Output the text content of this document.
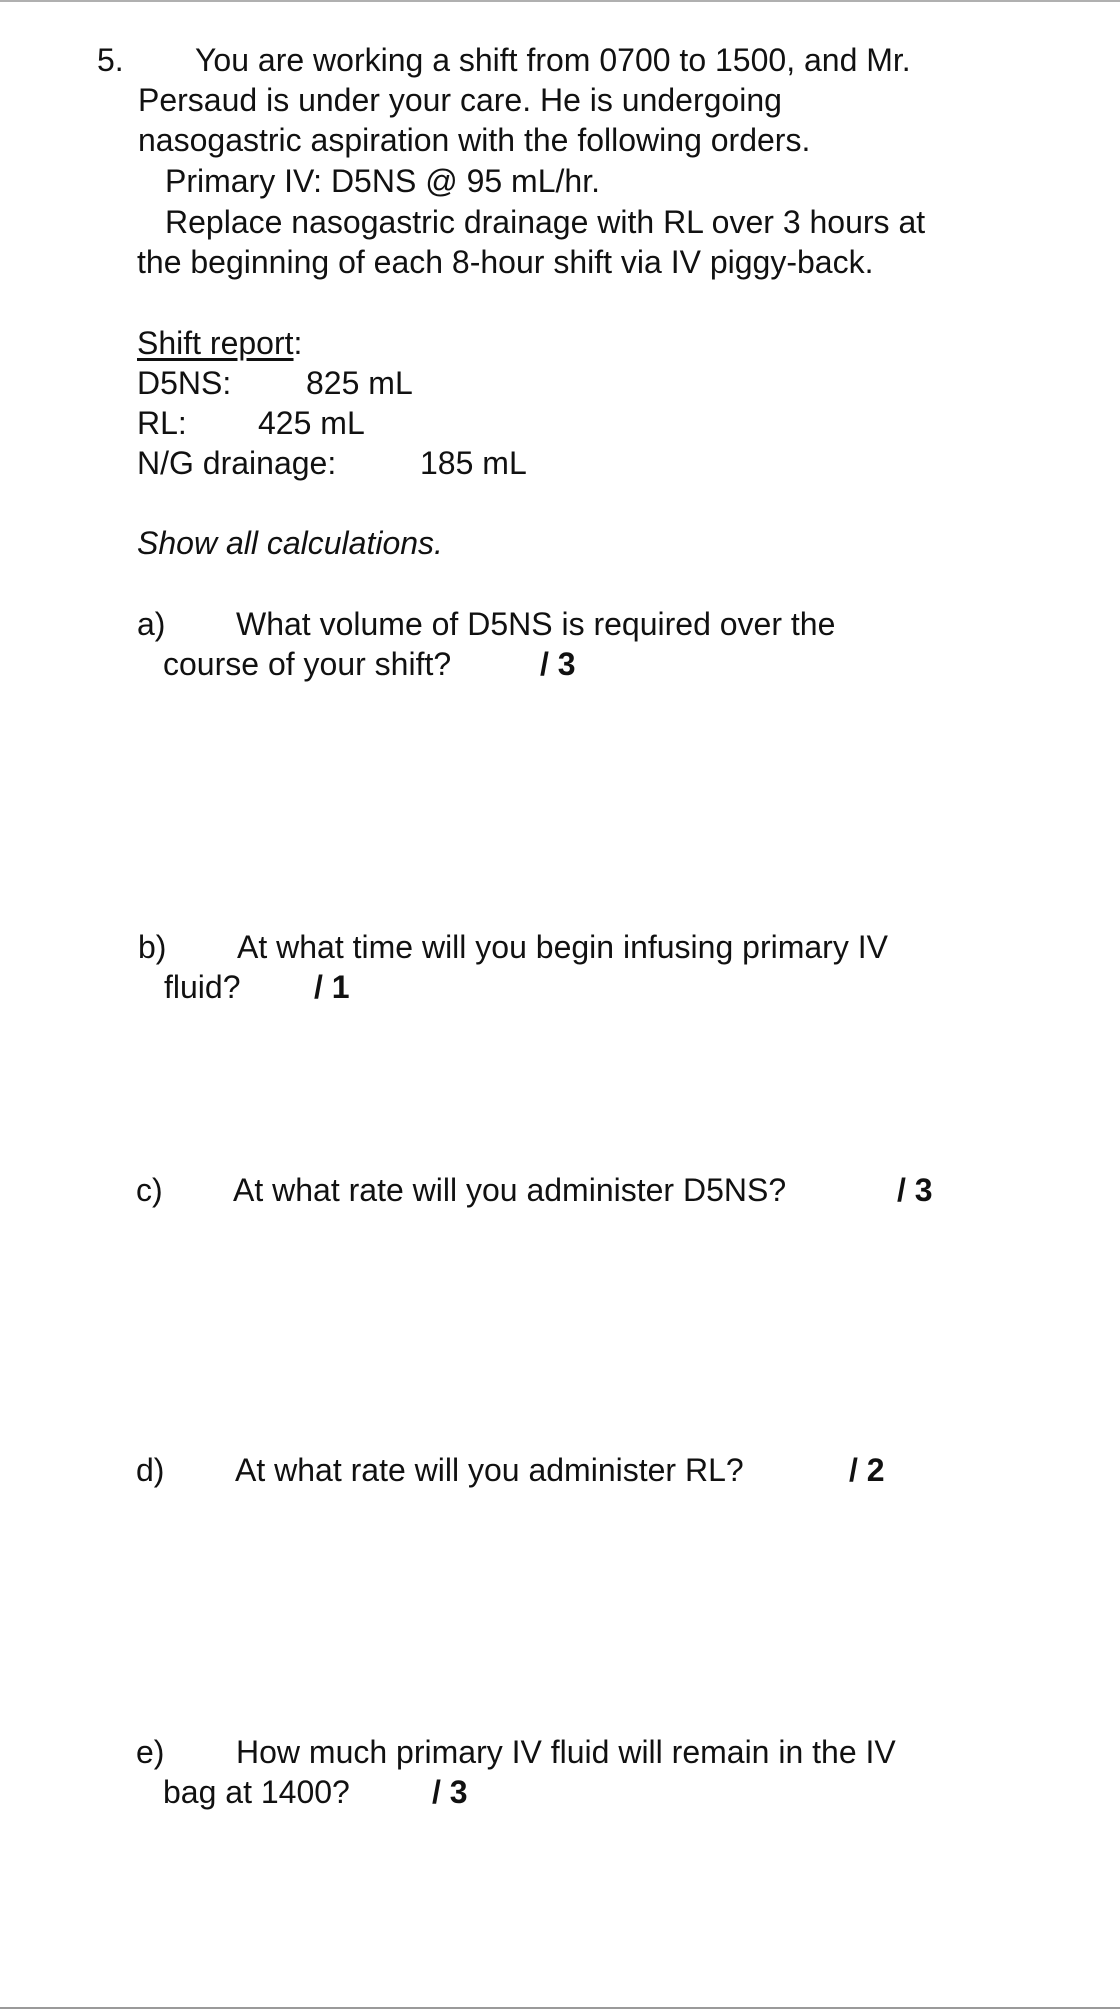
5. You are working a shift from 0700 to 1500, and Mr.
Persaud is under your care. He is undergoing
nasogastric aspiration with the following orders.
Primary IV: D5NS @ 95 mL/hr.
Replace nasogastric drainage with RL over 3 hours at
the beginning of each 8-hour shift via IV piggy-back.
Shift report:
D5NS: 825 mL
RL: 425 mL
N/G drainage:	185 mL
Show all calculations.
a) What volume of D5NS is required over the
course of your shift?	/ 3
b) At what time will you begin infusing primary IV
fluid? / 1
c) At what rate will you administer D5NS?	/ 3
d) At what rate will you administer RL?	/ 2
e) How much primary IV fluid will remain in the IV
bag at 1400?	/ 3
